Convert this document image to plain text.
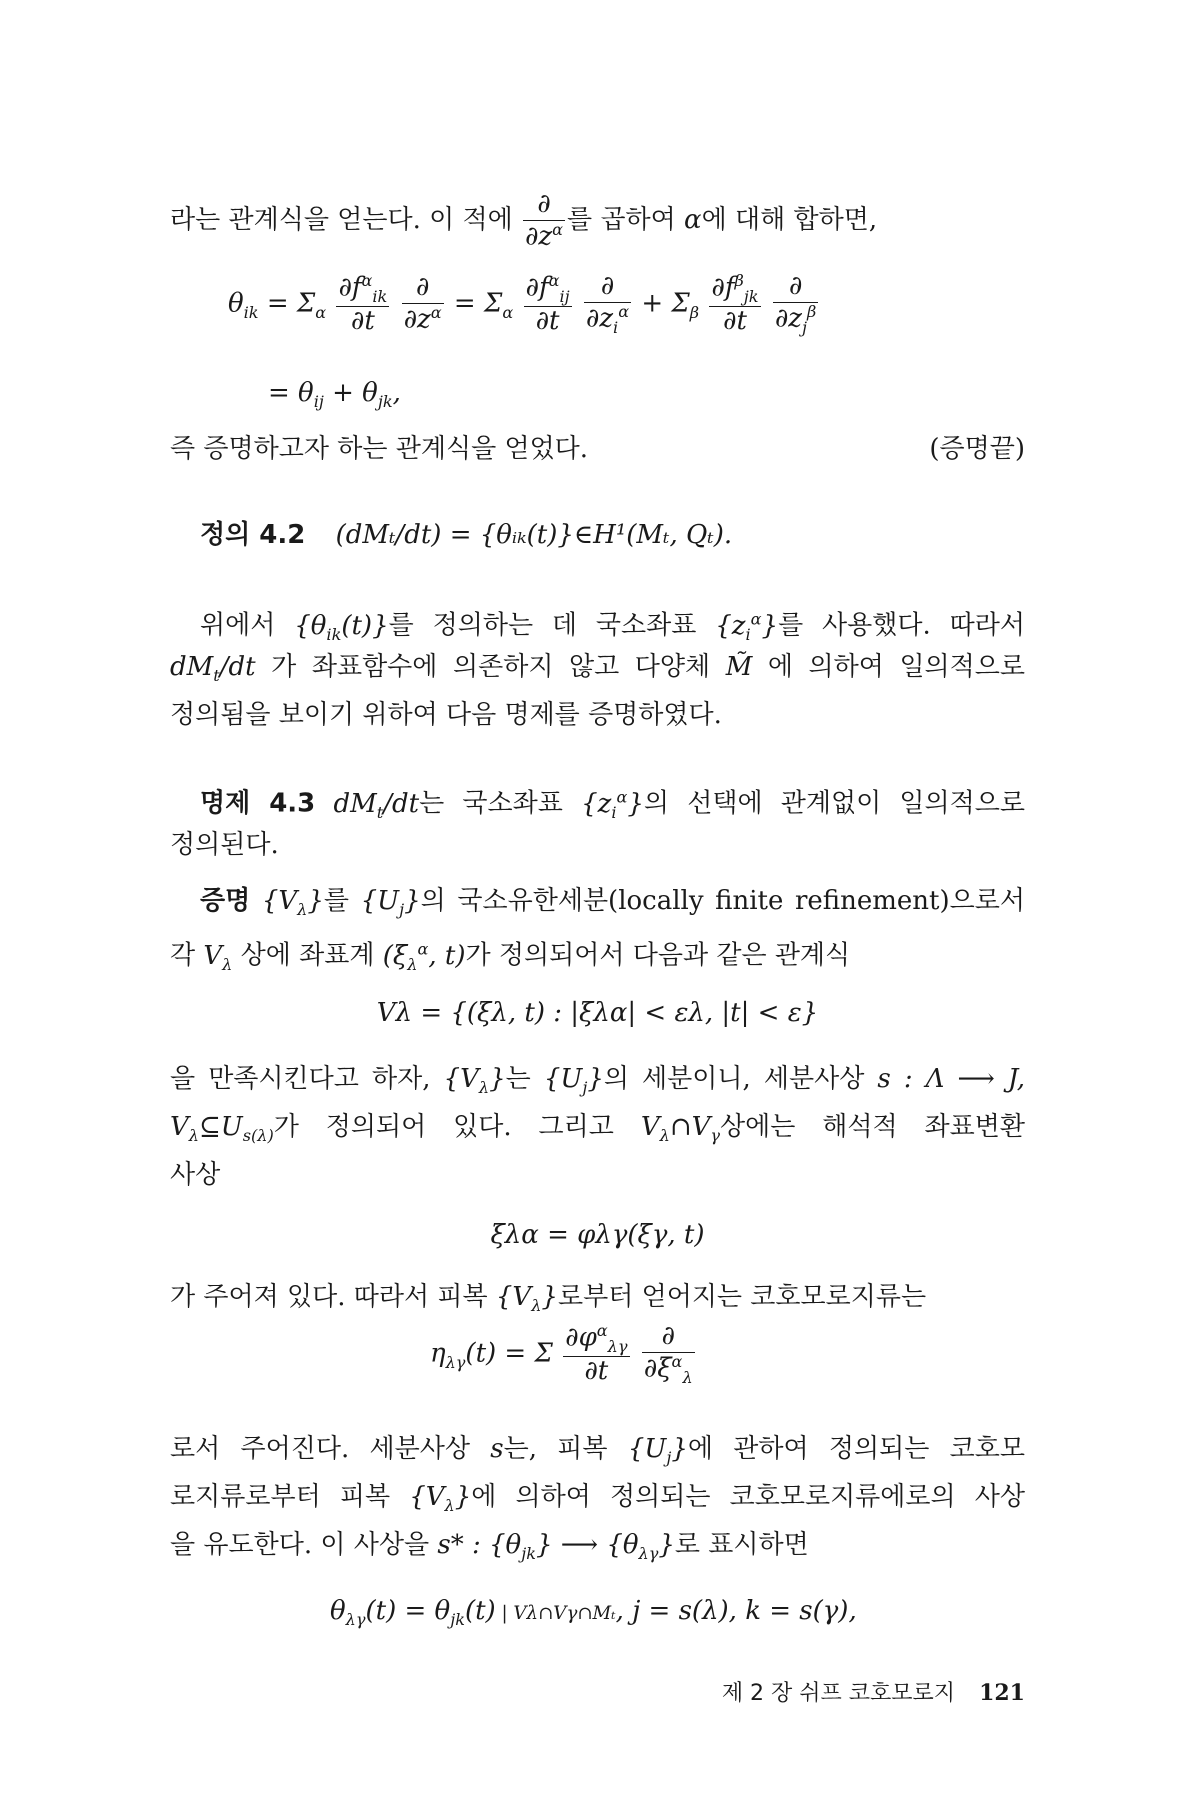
라는 관계식을 얻는다. 이 적에 $\frac{\partial}{\partial z^\alpha}$ 를 곱하여 α에 대해 합하면,
$\theta_{ik} = \Sigma_\alpha \frac{\partial f^\alpha_{ik}}{\partial t}$
$\frac{\partial}{\partial z^\alpha} = \Sigma_\alpha \frac{\partial f^\alpha_{ij}}{\partial t}$
$\frac{\partial}{\partial z_i^\alpha} + \Sigma_\beta \frac{\partial f^\beta_{jk}}{\partial t}$
$\frac{\partial}{\partial z_j^\beta}$
= $\theta_{ij} + \theta_{jk}$,
즉 증명하고자 하는 관계식을 얻었다.	(증명끝)
정의 4.2 (dMₜ/dt) = {θᵢₖ(t)}∈H¹(Mₜ, Qₜ).
위에서 $\{\theta_{ik}(t)\}$를 정의하는 데 국소좌표 $\{z_i^\alpha\}$를 사용했다. 따라서
$dM_t/dt$ 가 좌표함수에 의존하지 않고 다양체 M̃ 에 의하여 일의적으로
정의됨을 보이기 위하여 다음 명제를 증명하였다.
명제 4.3 $dM_t/dt$는 국소좌표 $\{z_i^\alpha\}$의 선택에 관계없이 일의적으로
정의된다.
증명 $\{V_\lambda\}$를 $\{U_j\}$의 국소유한세분(locally finite refinement)으로서
각 $V_\lambda$ 상에 좌표계 ($\xi_\lambda^\alpha$, t)가 정의되어서 다음과 같은 관계식
Vλ = {(ξλ, t) : |ξλα| < ελ, |t| < ε}
을 만족시킨다고 하자, $\{V_\lambda\}$는 $\{U_j\}$의 세분이니, 세분사상 s : Λ ⟶ J,
$V_\lambda⊆U_{s(\lambda)}$가 정의되어 있다. 그리고 $V_\lambda\cap V_\gamma$상에는 해석적 좌표변환
사상
ξλα = φλγ(ξγ, t)
가 주어져 있다. 따라서 피복 $\{V_\lambda\}$로부터 얻어지는 코호모로지류는
$\eta_{\lambda\gamma}(t) = \Sigma \frac{\partial\varphi^\alpha_{\lambda\gamma}}{\partial t}$
$\frac{\partial}{\partial\xi^\alpha_\lambda}$
로서 주어진다. 세분사상 s는, 피복 $\{U_j\}$에 관하여 정의되는 코호모
로지류로부터 피복 $\{V_\lambda\}$에 의하여 정의되는 코호모로지류에로의 사상
을 유도한다. 이 사상을 s* : $\{\theta_{jk}\}$ ⟶ $\{\theta_{\lambda\gamma}\}$로 표시하면
$\theta_{\lambda\gamma}(t) = \theta_{jk}(t)$ | Vλ∩Vγ∩Mₜ, j = s(λ), k = s(γ),
제 2 장 쉬프 코호모로지 121
